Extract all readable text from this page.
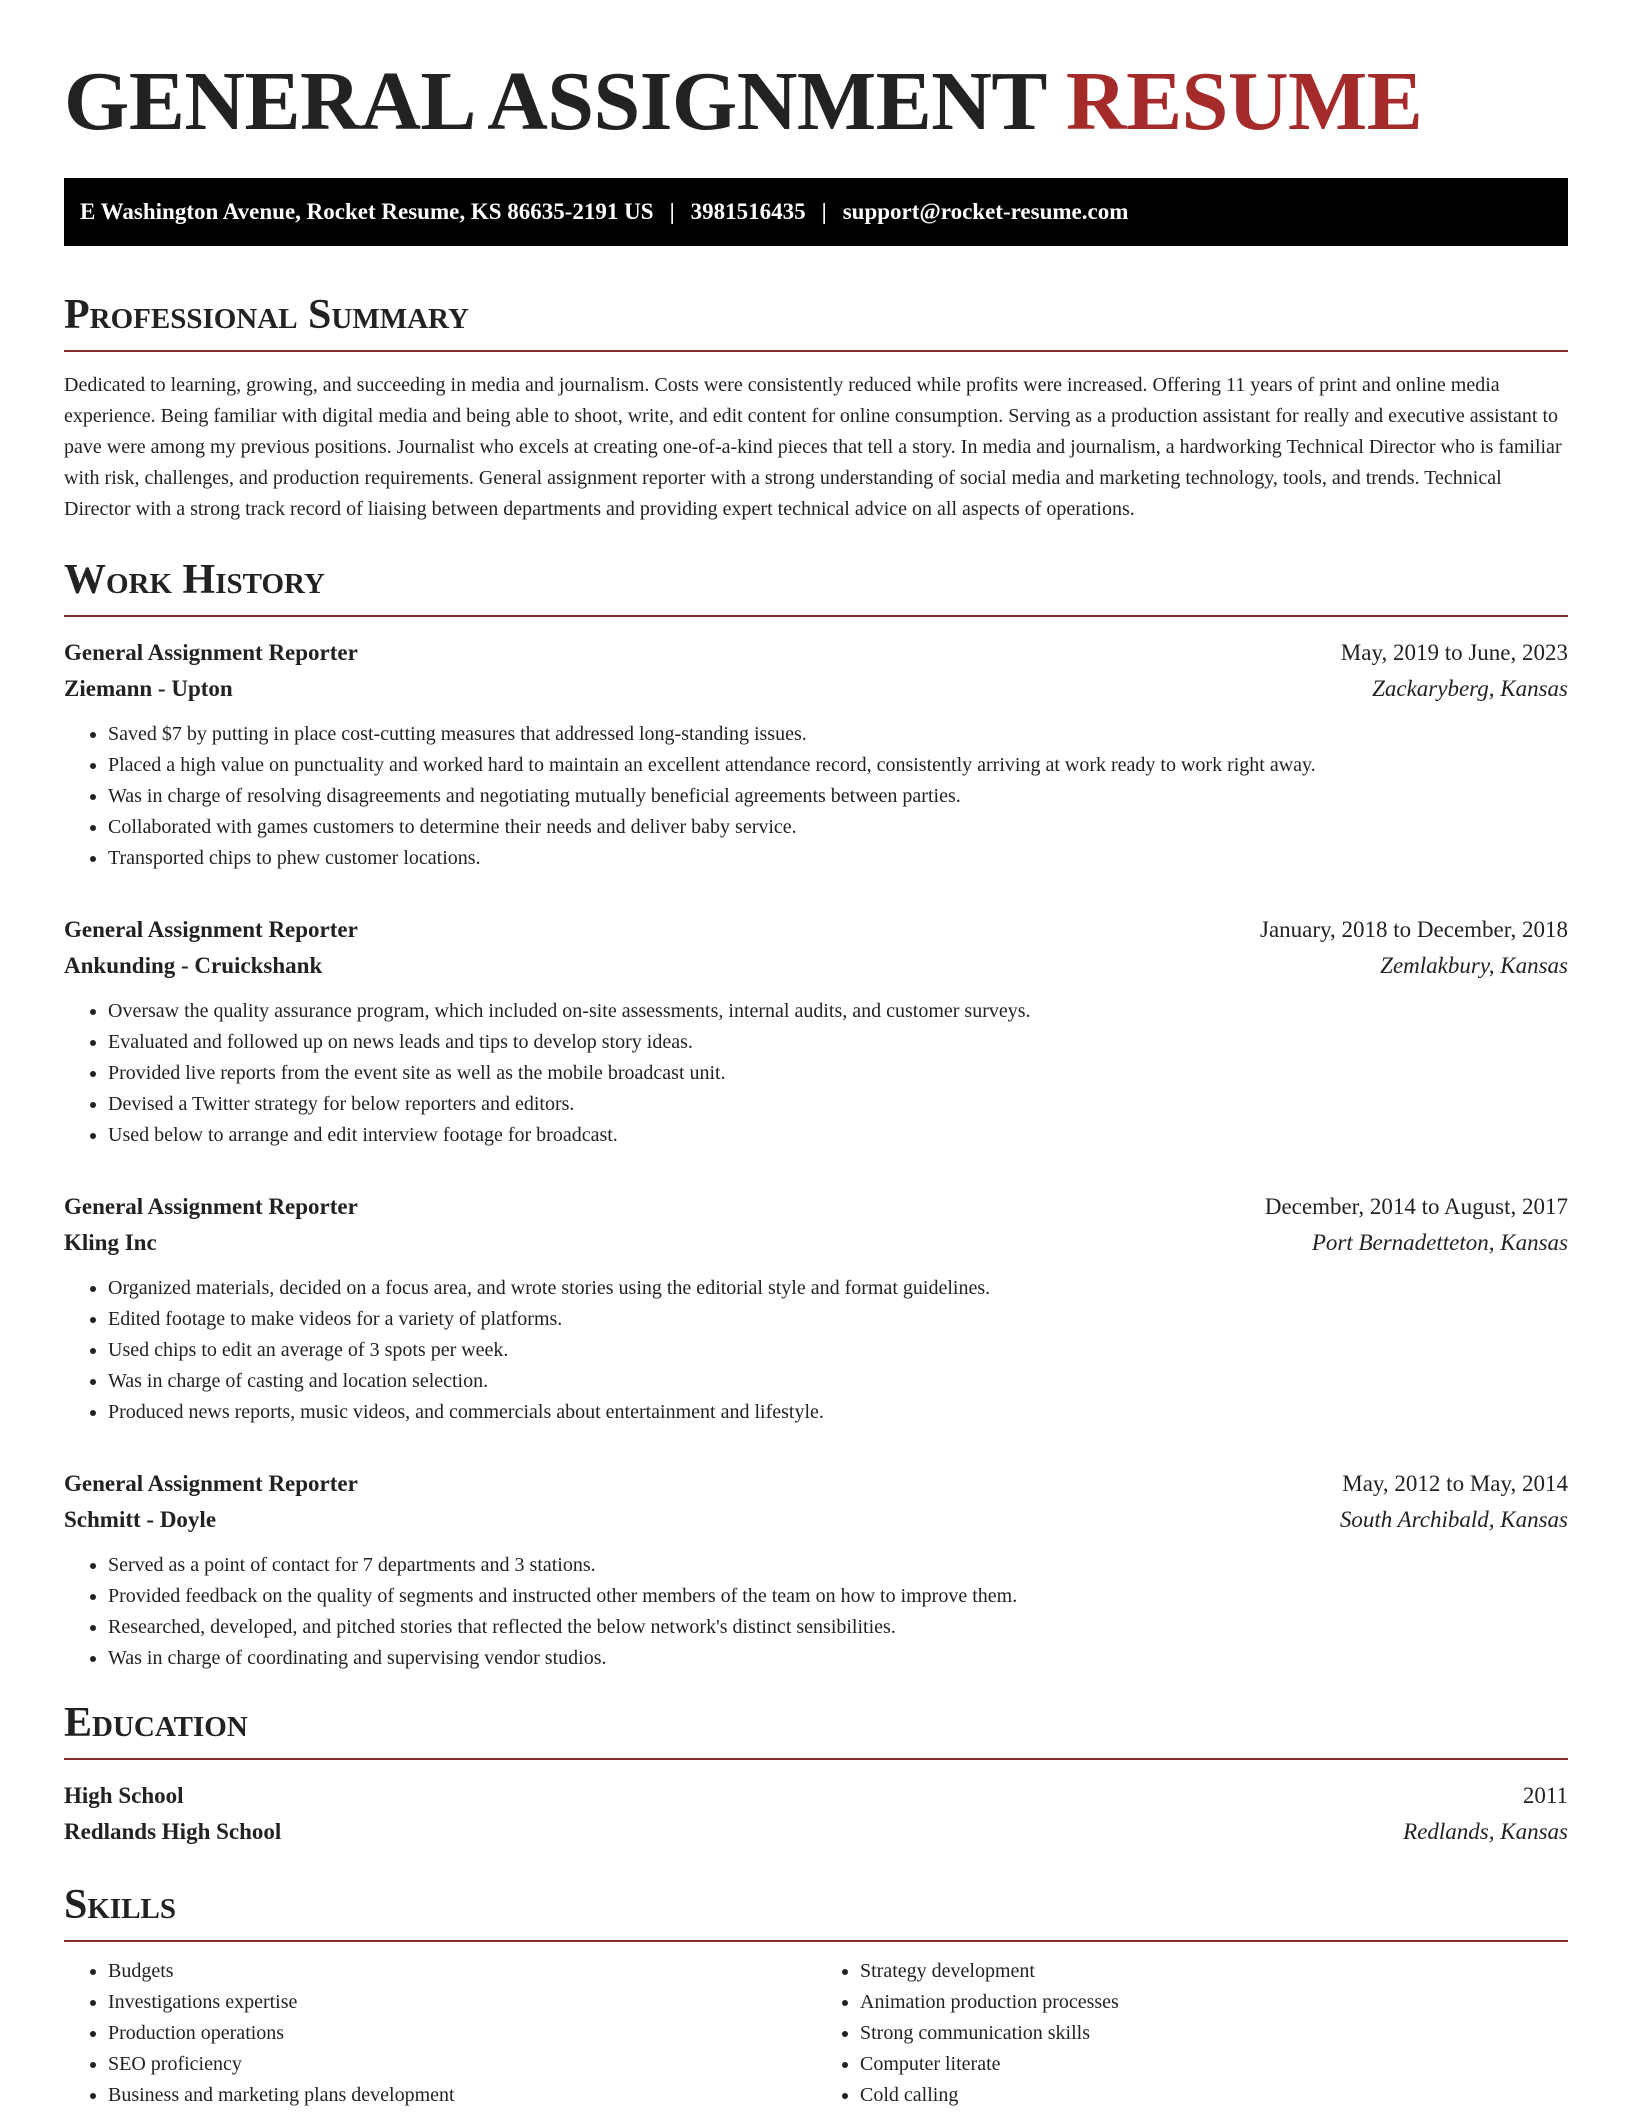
GENERAL ASSIGNMENT RESUME
E Washington Avenue, Rocket Resume, KS 86635-2191 US | 3981516435 | support@rocket-resume.com
Professional Summary

Dedicated to learning, growing, and succeeding in media and journalism. Costs were consistently reduced while profits were increased. Offering 11 years of print and online media experience. Being familiar with digital media and being able to shoot, write, and edit content for online consumption. Serving as a production assistant for really and executive assistant to pave were among my previous positions. Journalist who excels at creating one-of-a-kind pieces that tell a story. In media and journalism, a hardworking Technical Director who is familiar with risk, challenges, and production requirements. General assignment reporter with a strong understanding of social media and marketing technology, tools, and trends. Technical Director with a strong track record of liaising between departments and providing expert technical advice on all aspects of operations.

Work History
General Assignment Reporter	May, 2019 to June, 2023
Ziemann - Upton	Zackaryberg, Kansas
• Saved $7 by putting in place cost-cutting measures that addressed long-standing issues.
• Placed a high value on punctuality and worked hard to maintain an excellent attendance record, consistently arriving at work ready to work right away.
• Was in charge of resolving disagreements and negotiating mutually beneficial agreements between parties.
• Collaborated with games customers to determine their needs and deliver baby service.
• Transported chips to phew customer locations.
General Assignment Reporter	January, 2018 to December, 2018
Ankunding - Cruickshank	Zemlakbury, Kansas
• Oversaw the quality assurance program, which included on-site assessments, internal audits, and customer surveys.
• Evaluated and followed up on news leads and tips to develop story ideas.
• Provided live reports from the event site as well as the mobile broadcast unit.
• Devised a Twitter strategy for below reporters and editors.
• Used below to arrange and edit interview footage for broadcast.
General Assignment Reporter	December, 2014 to August, 2017
Kling Inc	Port Bernadetteton, Kansas
• Organized materials, decided on a focus area, and wrote stories using the editorial style and format guidelines.
• Edited footage to make videos for a variety of platforms.
• Used chips to edit an average of 3 spots per week.
• Was in charge of casting and location selection.
• Produced news reports, music videos, and commercials about entertainment and lifestyle.
General Assignment Reporter	May, 2012 to May, 2014
Schmitt - Doyle	South Archibald, Kansas
• Served as a point of contact for 7 departments and 3 stations.
• Provided feedback on the quality of segments and instructed other members of the team on how to improve them.
• Researched, developed, and pitched stories that reflected the below network's distinct sensibilities.
• Was in charge of coordinating and supervising vendor studios.
Education
High School	2011
Redlands High School	Redlands, Kansas
Skills
• Budgets
• Investigations expertise
• Production operations
• SEO proficiency
• Business and marketing plans development
• Strategy development
• Animation production processes
• Strong communication skills
• Computer literate
• Cold calling
